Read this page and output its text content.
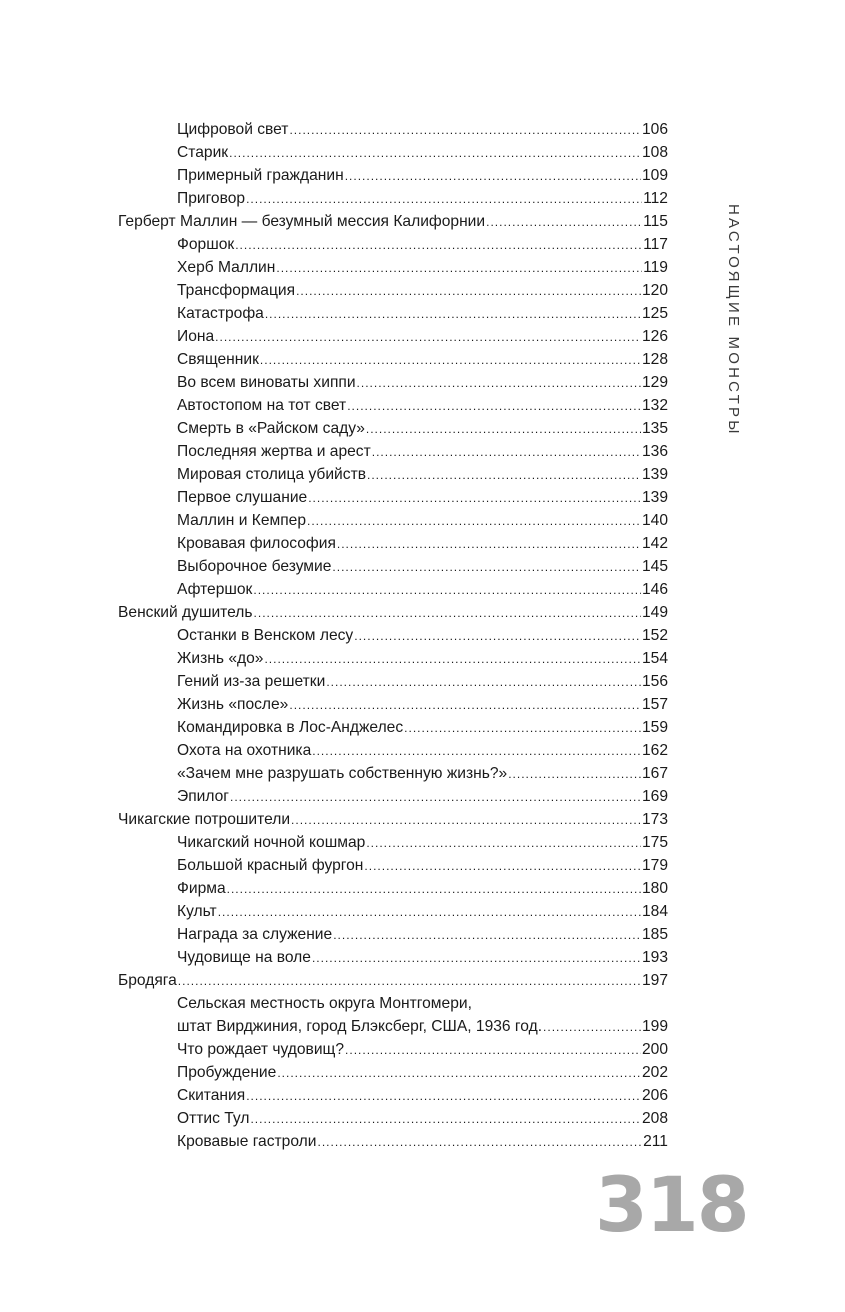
Цифровой свет .....	106
Старик .....	108
Примерный гражданин .....	109
Приговор .....	112
Герберт Маллин — безумный мессия Калифорнии .....	115
Форшок .....	117
Херб Маллин .....	119
Трансформация .....	120
Катастрофа .....	125
Иона .....	126
Священник .....	128
Во всем виноваты хиппи .....	129
Автостопом на тот свет .....	132
Смерть в «Райском саду» .....	135
Последняя жертва и арест .....	136
Мировая столица убийств .....	139
Первое слушание .....	139
Маллин и Кемпер .....	140
Кровавая философия .....	142
Выборочное безумие .....	145
Афтершок .....	146
Венский душитель .....	149
Останки в Венском лесу .....	152
Жизнь «до» .....	154
Гений из-за решетки .....	156
Жизнь «после» .....	157
Командировка в Лос-Анджелес .....	159
Охота на охотника .....	162
«Зачем мне разрушать собственную жизнь?» .....	167
Эпилог .....	169
Чикагские потрошители .....	173
Чикагский ночной кошмар .....	175
Большой красный фургон .....	179
Фирма .....	180
Культ .....	184
Награда за служение .....	185
Чудовище на воле .....	193
Бродяга .....	197
Сельская местность округа Монтгомери,
штат Вирджиния, город Блэксберг, США, 1936 год. .....	199
Что рождает чудовищ? .....	200
Пробуждение .....	202
Скитания .....	206
Оттис Тул .....	208
Кровавые гастроли .....	211
НАСТОЯЩИЕ МОНСТРЫ
318
